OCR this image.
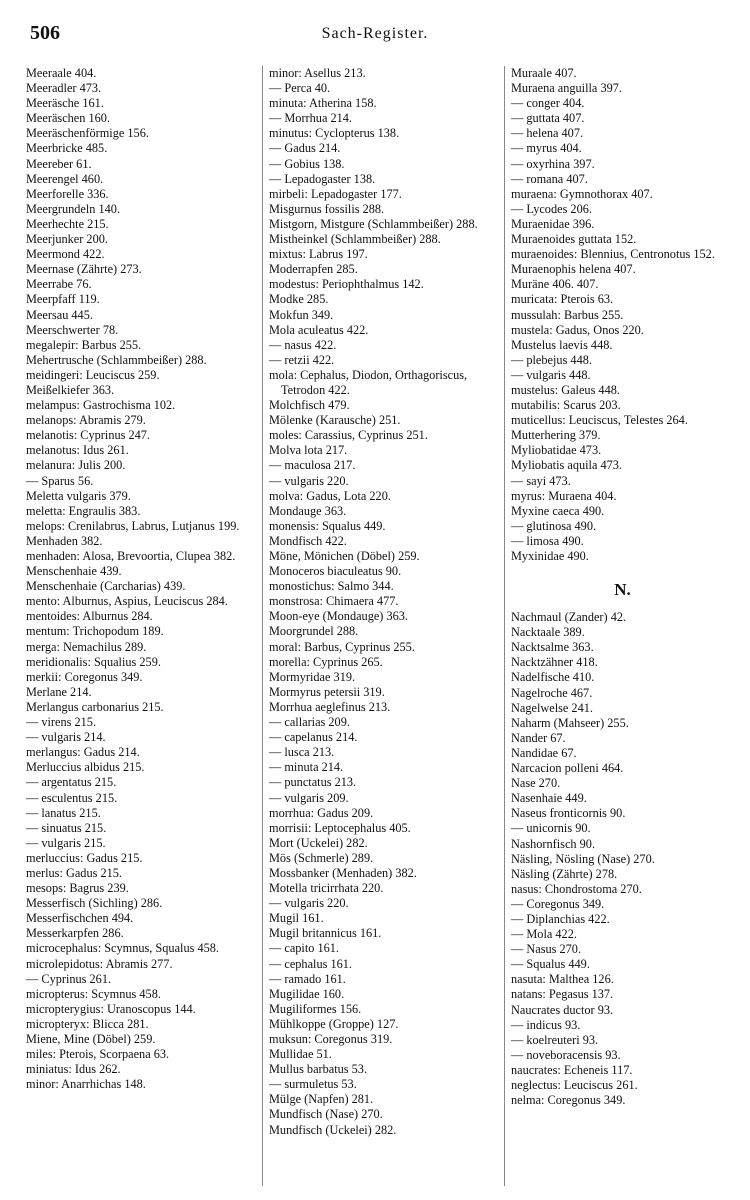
506	Sach-Register.
Meeraale 404.
Meeradler 473.
Meeräsche 161.
Meeräschen 160.
Meeräschenförmige 156.
Meerbricke 485.
Meereber 61.
Meerengel 460.
Meerforelle 336.
Meergrundeln 140.
Meerhechte 215.
Meerjunker 200.
Meermond 422.
Meernase (Zährte) 273.
Meerrabe 76.
Meerpfaff 119.
Meersau 445.
Meerschwerter 78.
megalepir: Barbus 255.
Mehertrusche (Schlammbeißer) 288.
meidingeri: Leuciscus 259.
Meißelkiefer 363.
melampus: Gastrochisma 102.
melanops: Abramis 279.
melanotis: Cyprinus 247.
melanotus: Idus 261.
melanura: Julis 200.
— Sparus 56.
Meletta vulgaris 379.
meletta: Engraulis 383.
melops: Crenilabrus, Labrus, Lutjanus 199.
Menhaden 382.
menhaden: Alosa, Brevoortia, Clupea 382.
Menschenhaie 439.
Menschenhaie (Carcharias) 439.
mento: Alburnus, Aspius, Leuciscus 284.
mentoides: Alburnus 284.
mentum: Trichopodum 189.
merga: Nemachilus 289.
meridionalis: Squalius 259.
merkii: Coregonus 349.
Merlane 214.
Merlangus carbonarius 215.
— virens 215.
— vulgaris 214.
merlangus: Gadus 214.
Merluccius albidus 215.
— argentatus 215.
— esculentus 215.
— lanatus 215.
— sinuatus 215.
— vulgaris 215.
merluccius: Gadus 215.
merlus: Gadus 215.
mesops: Bagrus 239.
Messerfisch (Sichling) 286.
Messerfischchen 494.
Messerkarpfen 286.
microcephalus: Scymnus, Squalus 458.
microlepidotus: Abramis 277.
— Cyprinus 261.
micropterus: Scymnus 458.
micropterygius: Uranoscopus 144.
micropteryx: Blicca 281.
Miene, Mine (Döbel) 259.
miles: Pterois, Scorpaena 63.
miniatus: Idus 262.
minor: Anarrhichas 148.
minor: Asellus 213.
— Perca 40.
minuta: Atherina 158.
— Morrhua 214.
minutus: Cyclopterus 138.
— Gadus 214.
— Gobius 138.
— Lepadogaster 138.
mirbeli: Lepadogaster 177.
Misgurnus fossilis 288.
Mistgorn, Mistgure (Schlammbeißer) 288.
Mistheinkel (Schlammbeißer) 288.
mixtus: Labrus 197.
Moderrapfen 285.
modestus: Periophthalmus 142.
Modke 285.
Mokfun 349.
Mola aculeatus 422.
— nasus 422.
— retzii 422.
mola: Cephalus, Diodon, Orthagoriscus, Tetrodon 422.
Molchfisch 479.
Mölenke (Karausche) 251.
moles: Carassius, Cyprinus 251.
Molva lota 217.
— maculosa 217.
— vulgaris 220.
molva: Gadus, Lota 220.
Mondauge 363.
monensis: Squalus 449.
Mondfisch 422.
Möne, Mönichen (Döbel) 259.
Monoceros biaculeatus 90.
monostichus: Salmo 344.
monstrosa: Chimaera 477.
Moon-eye (Mondauge) 363.
Moorgrundel 288.
moral: Barbus, Cyprinus 255.
morella: Cyprinus 265.
Mormyridae 319.
Mormyrus petersii 319.
Morrhua aeglefinus 213.
— callarias 209.
— capelanus 214.
— lusca 213.
— minuta 214.
— punctatus 213.
— vulgaris 209.
morrhua: Gadus 209.
morrisii: Leptocephalus 405.
Mort (Uckelei) 282.
Mös (Schmerle) 289.
Mossbanker (Menhaden) 382.
Motella tricirrhata 220.
— vulgaris 220.
Mugil 161.
Mugil britannicus 161.
— capito 161.
— cephalus 161.
— ramado 161.
Mugilidae 160.
Mugiliformes 156.
Mühlkoppe (Groppe) 127.
muksun: Coregonus 319.
Mullidae 51.
Mullus barbatus 53.
— surmuletus 53.
Mülge (Napfen) 281.
Mundfisch (Nase) 270.
Mundfisch (Uckelei) 282.
Muraale 407.
Muraena anguilla 397.
— conger 404.
— guttata 407.
— helena 407.
— myrus 404.
— oxyrhina 397.
— romana 407.
muraena: Gymnothorax 407.
— Lycodes 206.
Muraenidae 396.
Muraenoides guttata 152.
muraenoides: Blennius, Centronotus 152.
Muraenophis helena 407.
Muräne 406. 407.
muricata: Pterois 63.
mussulah: Barbus 255.
mustela: Gadus, Onos 220.
Mustelus laevis 448.
— plebejus 448.
— vulgaris 448.
mustelus: Galeus 448.
mutabilis: Scarus 203.
muticellus: Leuciscus, Telestes 264.
Mutterhering 379.
Myliobatidae 473.
Myliobatis aquila 473.
— sayi 473.
myrus: Muraena 404.
Myxine caeca 490.
— glutinosa 490.
— limosa 490.
Myxinidae 490.
N.
Nachmaul (Zander) 42.
Nacktaale 389.
Nacktsalme 363.
Nacktzähner 418.
Nadelfische 410.
Nagelroche 467.
Nagelwelse 241.
Naharm (Mahseer) 255.
Nander 67.
Nandidae 67.
Narcacion polleni 464.
Nase 270.
Nasenhaie 449.
Naseus fronticornis 90.
— unicornis 90.
Nashornfisch 90.
Näsling, Nösling (Nase) 270.
Näsling (Zährte) 278.
nasus: Chondrostoma 270.
— Coregonus 349.
— Diplanchias 422.
— Mola 422.
— Nasus 270.
— Squalus 449.
nasuta: Malthea 126.
natans: Pegasus 137.
Naucrates ductor 93.
— indicus 93.
— koelreuteri 93.
— noveboracensis 93.
naucrates: Echeneis 117.
neglectus: Leuciscus 261.
nelma: Coregonus 349.
